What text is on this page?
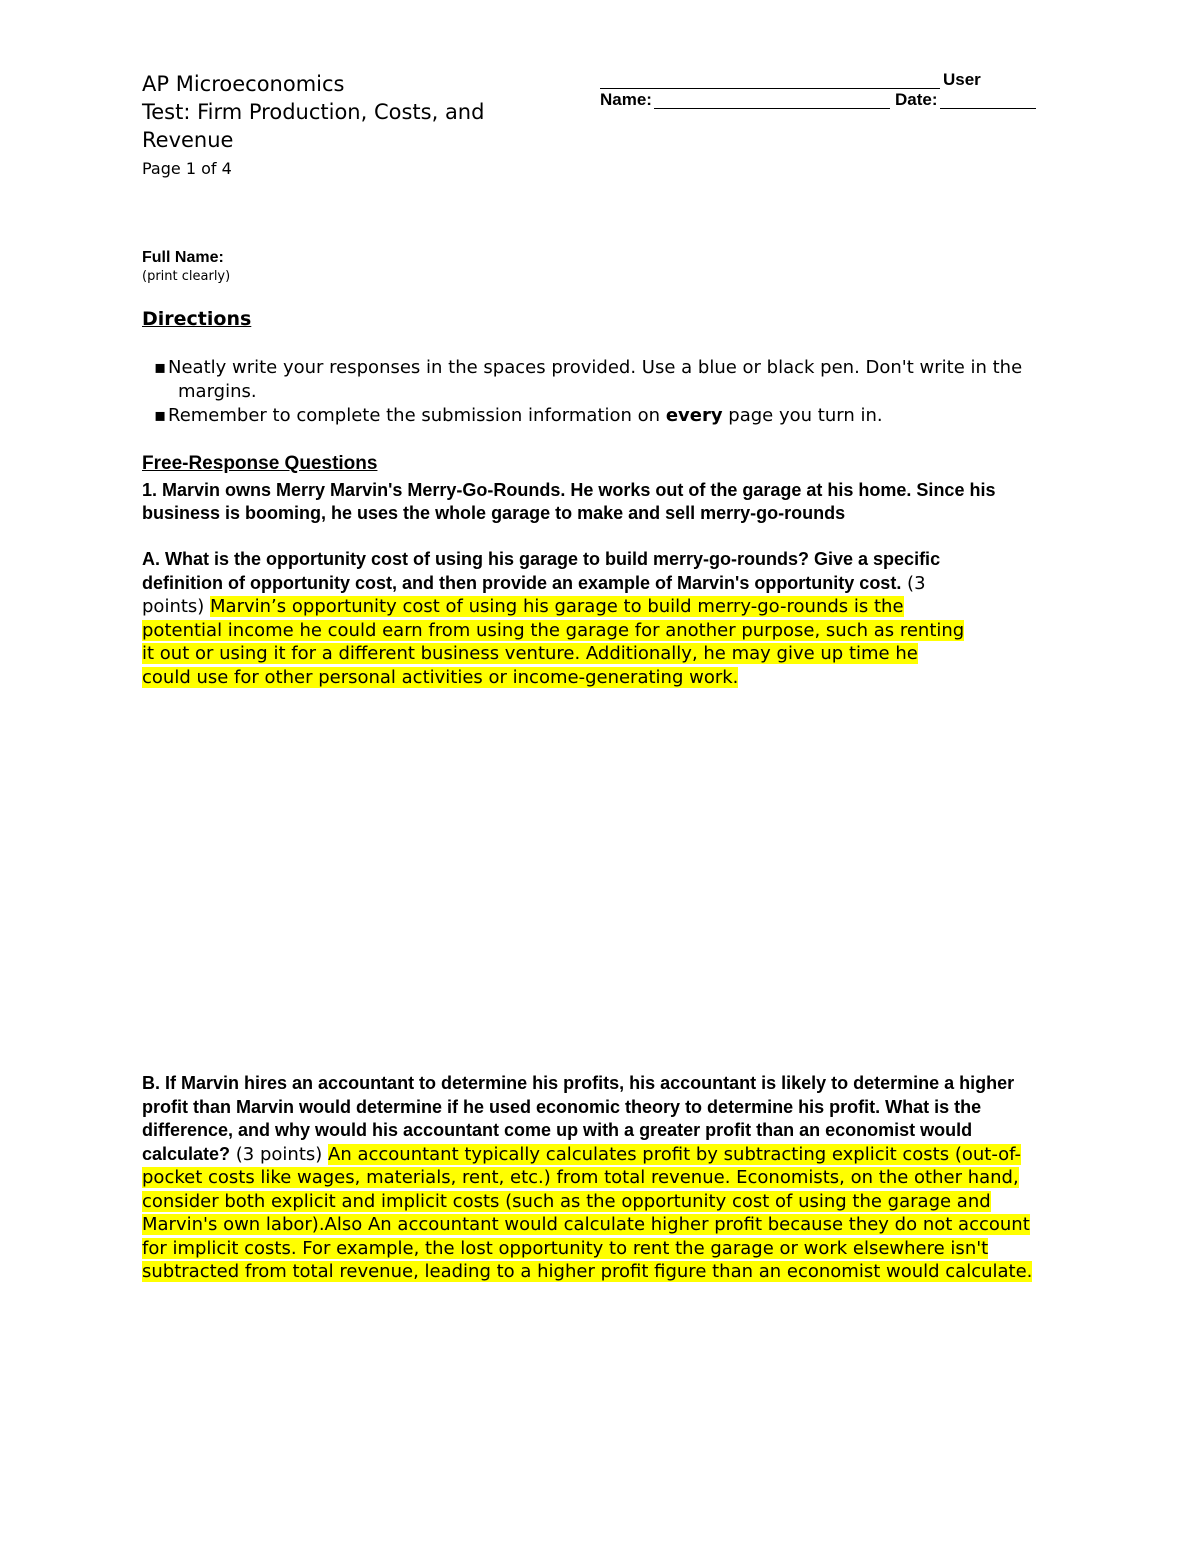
AP Microeconomics
Test: Firm Production, Costs, and Revenue
Page 1 of 4
User
Name:	Date:
Full Name:
(print clearly)
Directions
▪Neatly write your responses in the spaces provided. Use a blue or black pen. Don't write in the margins.
▪Remember to complete the submission information on every page you turn in.
Free-Response Questions
1. Marvin owns Merry Marvin's Merry-Go-Rounds. He works out of the garage at his home. Since his business is booming, he uses the whole garage to make and sell merry-go-rounds
A. What is the opportunity cost of using his garage to build merry-go-rounds? Give a specific definition of opportunity cost, and then provide an example of Marvin's opportunity cost. (3 points) Marvin’s opportunity cost of using his garage to build merry-go-rounds is the potential income he could earn from using the garage for another purpose, such as renting it out or using it for a different business venture. Additionally, he may give up time he could use for other personal activities or income-generating work.
B. If Marvin hires an accountant to determine his profits, his accountant is likely to determine a higher profit than Marvin would determine if he used economic theory to determine his profit. What is the difference, and why would his accountant come up with a greater profit than an economist would calculate? (3 points) An accountant typically calculates profit by subtracting explicit costs (out-of-pocket costs like wages, materials, rent, etc.) from total revenue. Economists, on the other hand, consider both explicit and implicit costs (such as the opportunity cost of using the garage and Marvin's own labor).Also An accountant would calculate higher profit because they do not account for implicit costs. For example, the lost opportunity to rent the garage or work elsewhere isn't subtracted from total revenue, leading to a higher profit figure than an economist would calculate.
